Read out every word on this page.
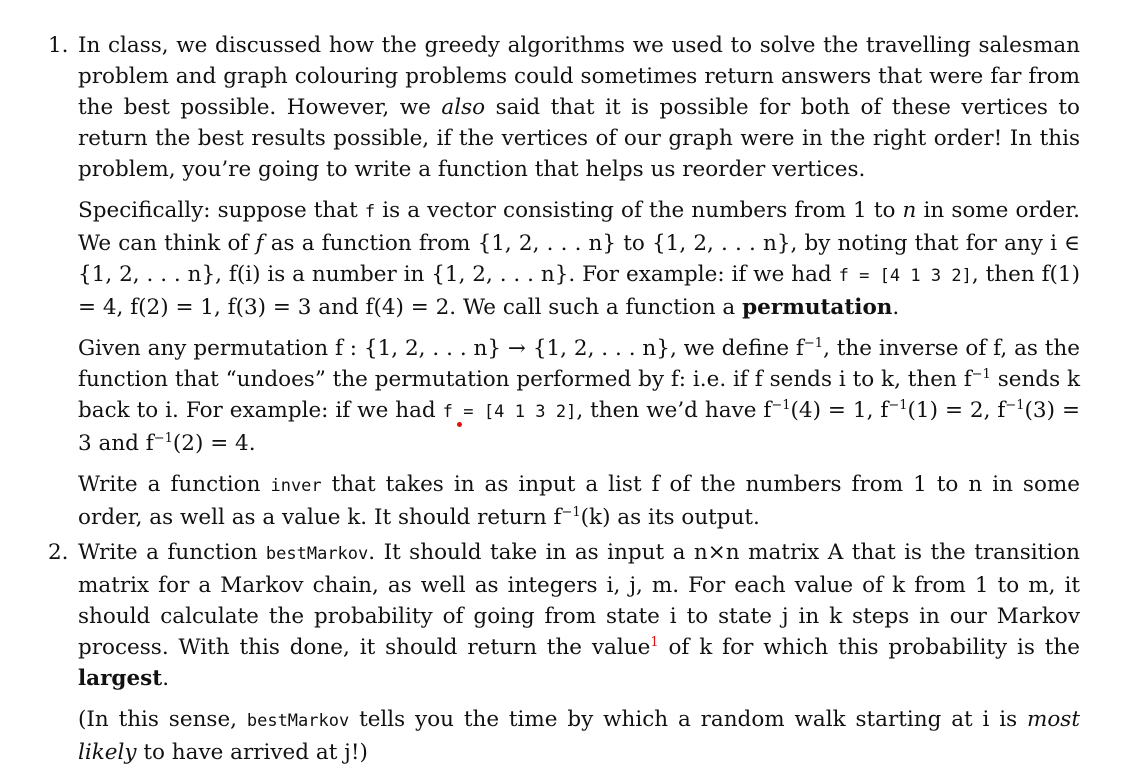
1. In class, we discussed how the greedy algorithms we used to solve the travelling salesman problem and graph colouring problems could sometimes return answers that were far from the best possible. However, we also said that it is possible for both of these vertices to return the best results possible, if the vertices of our graph were in the right order! In this problem, you’re going to write a function that helps us reorder vertices.

Specifically: suppose that f is a vector consisting of the numbers from 1 to n in some order. We can think of f as a function from {1, 2, . . . n} to {1, 2, . . . n}, by noting that for any i ∈ {1, 2, . . . n}, f(i) is a number in {1, 2, . . . n}. For example: if we had f = [4 1 3 2], then f(1) = 4, f(2) = 1, f(3) = 3 and f(4) = 2. We call such a function a permutation.

Given any permutation f : {1, 2, . . . n} → {1, 2, . . . n}, we define $f^{-1}$, the inverse of f, as the function that “undoes” the permutation performed by f: i.e. if f sends i to k, then $f^{-1}$ sends k back to i. For example: if we had f = [4 1 3 2], then we’d have $f^{-1}(4) = 1$, $f^{-1}(1) = 2$, $f^{-1}(3) = 3$ and $f^{-1}(2) = 4$.

Write a function inver that takes in as input a list f of the numbers from 1 to n in some order, as well as a value k. It should return $f^{-1}(k)$ as its output.

2. Write a function bestMarkov. It should take in as input a n×n matrix A that is the transition matrix for a Markov chain, as well as integers i, j, m. For each value of k from 1 to m, it should calculate the probability of going from state i to state j in k steps in our Markov process. With this done, it should return the value$^1$ of k for which this probability is the largest.

(In this sense, bestMarkov tells you the time by which a random walk starting at i is most likely to have arrived at j!)
